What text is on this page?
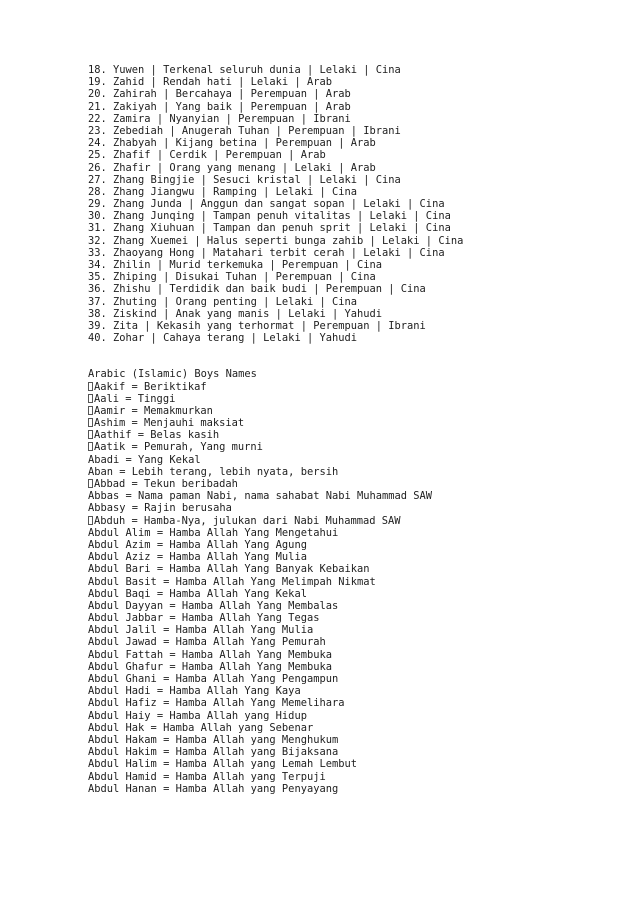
18. Yuwen | Terkenal seluruh dunia | Lelaki | Cina
19. Zahid | Rendah hati | Lelaki | Arab
20. Zahirah | Bercahaya | Perempuan | Arab
21. Zakiyah | Yang baik | Perempuan | Arab
22. Zamira | Nyanyian | Perempuan | Ibrani
23. Zebediah | Anugerah Tuhan | Perempuan | Ibrani
24. Zhabyah | Kijang betina | Perempuan | Arab
25. Zhafif | Cerdik | Perempuan | Arab
26. Zhafir | Orang yang menang | Lelaki | Arab
27. Zhang Bingjie | Sesuci kristal | Lelaki | Cina
28. Zhang Jiangwu | Ramping | Lelaki | Cina
29. Zhang Junda | Anggun dan sangat sopan | Lelaki | Cina
30. Zhang Junqing | Tampan penuh vitalitas | Lelaki | Cina
31. Zhang Xiuhuan | Tampan dan penuh sprit | Lelaki | Cina
32. Zhang Xuemei | Halus seperti bunga zahib | Lelaki | Cina
33. Zhaoyang Hong | Matahari terbit cerah | Lelaki | Cina
34. Zhilin | Murid terkemuka | Perempuan | Cina
35. Zhiping | Disukai Tuhan | Perempuan | Cina
36. Zhishu | Terdidik dan baik budi | Perempuan | Cina
37. Zhuting | Orang penting | Lelaki | Cina
38. Ziskind | Anak yang manis | Lelaki | Yahudi
39. Zita | Kekasih yang terhormat | Perempuan | Ibrani
40. Zohar | Cahaya terang | Lelaki | Yahudi
Arabic (Islamic) Boys Names
Aakif = Beriktikaf
Aali = Tinggi
Aamir = Memakmurkan
Ashim = Menjauhi maksiat
Aathif = Belas kasih
Aatik = Pemurah, Yang murni
Abadi = Yang Kekal
Aban = Lebih terang, lebih nyata, bersih
Abbad = Tekun beribadah
Abbas = Nama paman Nabi, nama sahabat Nabi Muhammad SAW
Abbasy = Rajin berusaha
Abduh = Hamba-Nya, julukan dari Nabi Muhammad SAW
Abdul Alim = Hamba Allah Yang Mengetahui
Abdul Azim = Hamba Allah Yang Agung
Abdul Aziz = Hamba Allah Yang Mulia
Abdul Bari = Hamba Allah Yang Banyak Kebaikan
Abdul Basit = Hamba Allah Yang Melimpah Nikmat
Abdul Baqi = Hamba Allah Yang Kekal
Abdul Dayyan = Hamba Allah Yang Membalas
Abdul Jabbar = Hamba Allah Yang Tegas
Abdul Jalil = Hamba Allah Yang Mulia
Abdul Jawad = Hamba Allah Yang Pemurah
Abdul Fattah = Hamba Allah Yang Membuka
Abdul Ghafur = Hamba Allah Yang Membuka
Abdul Ghani = Hamba Allah Yang Pengampun
Abdul Hadi = Hamba Allah Yang Kaya
Abdul Hafiz = Hamba Allah Yang Memelihara
Abdul Haiy = Hamba Allah yang Hidup
Abdul Hak = Hamba Allah yang Sebenar
Abdul Hakam = Hamba Allah yang Menghukum
Abdul Hakim = Hamba Allah yang Bijaksana
Abdul Halim = Hamba Allah yang Lemah Lembut
Abdul Hamid = Hamba Allah yang Terpuji
Abdul Hanan = Hamba Allah yang Penyayang
